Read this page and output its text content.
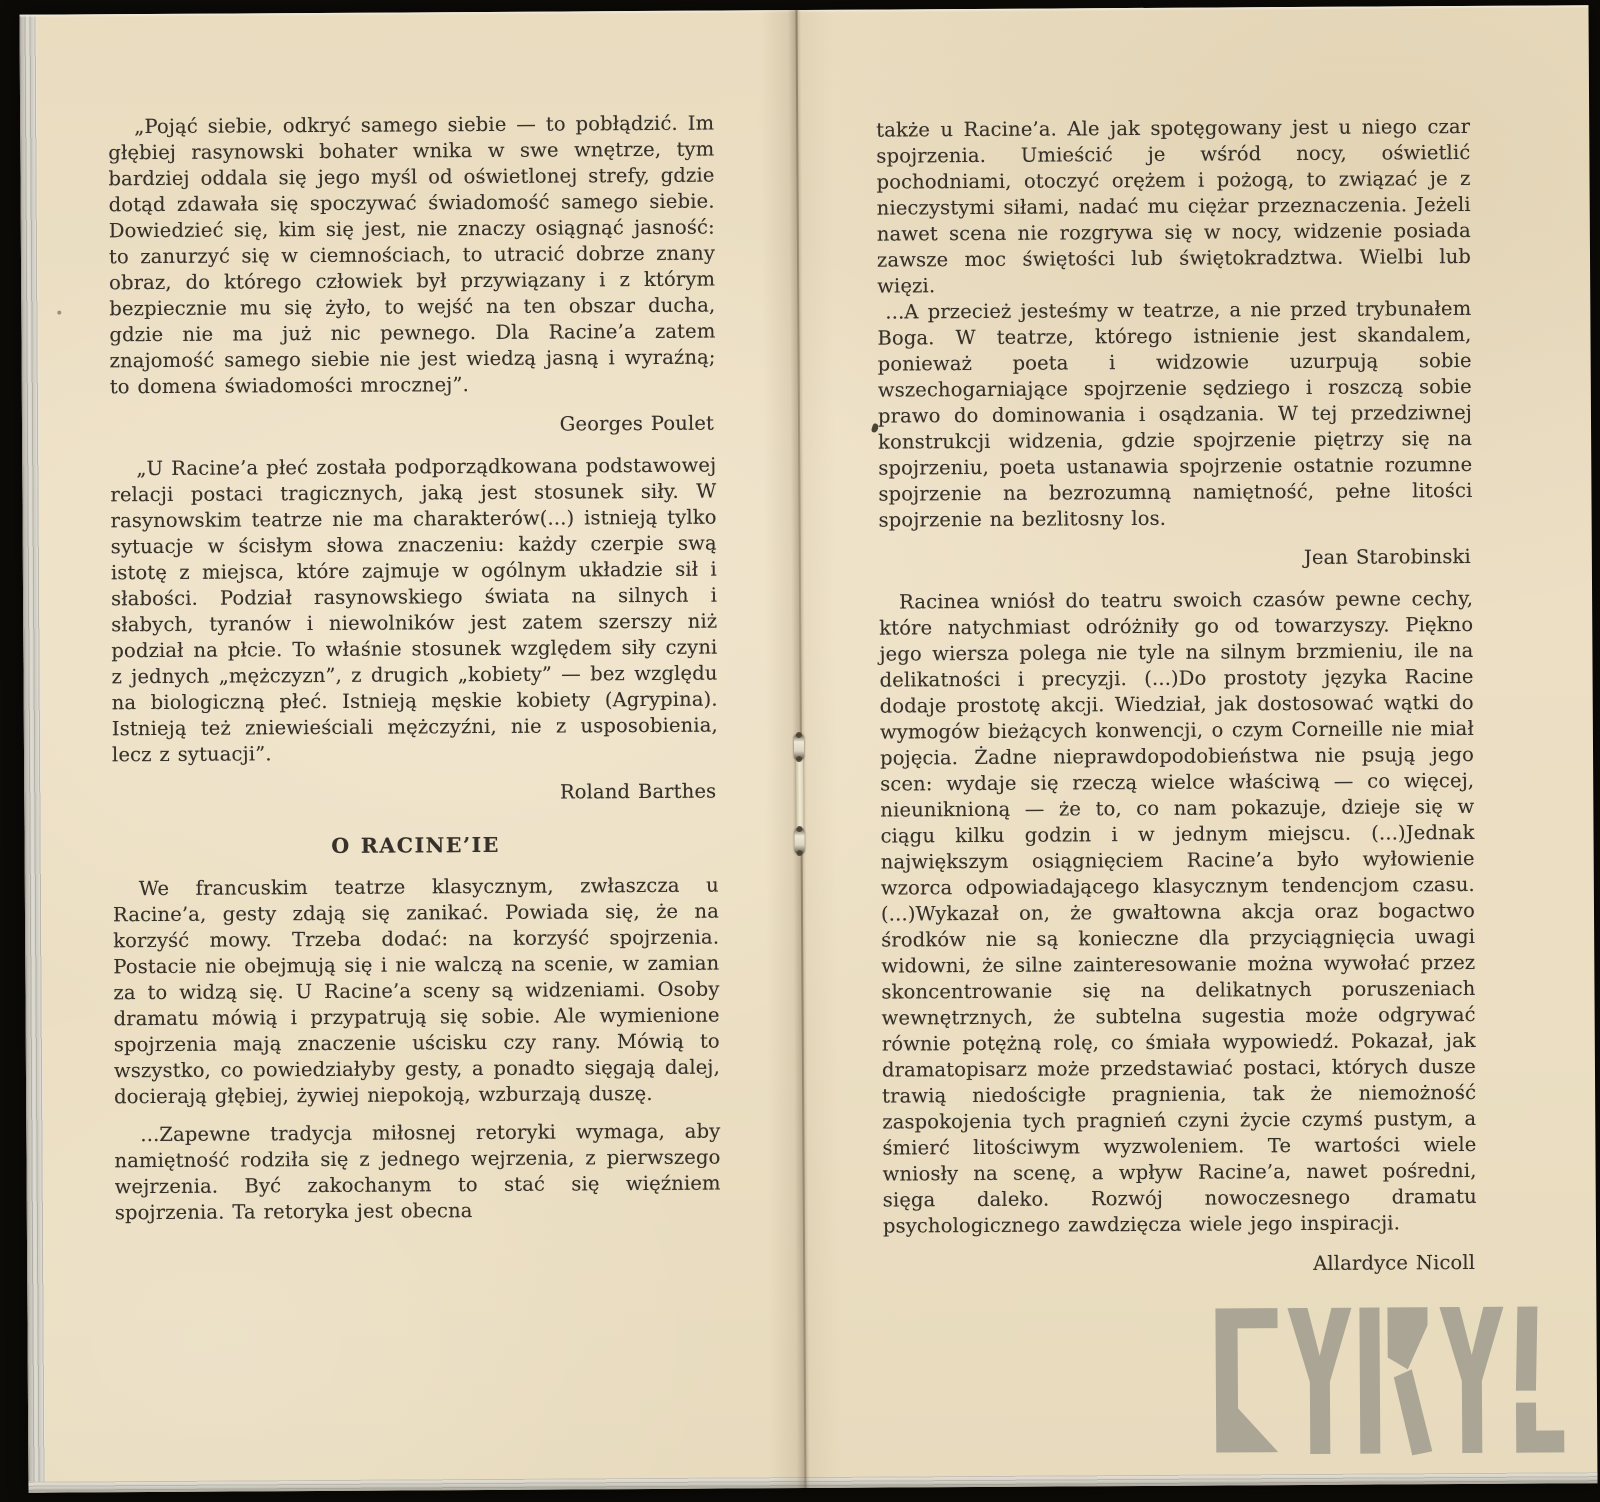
„Pojąć siebie, odkryć samego siebie — to pobłądzić. Im głębiej rasynowski bohater wnika w swe wnętrze, tym bardziej oddala się jego myśl od oświetlonej strefy, gdzie dotąd zdawała się spoczywać świadomość samego siebie. Dowiedzieć się, kim się jest, nie znaczy osiągnąć jasność: to zanurzyć się w ciemnościach, to utracić dobrze znany obraz, do którego człowiek był przywiązany i z którym bezpiecznie mu się żyło, to wejść na ten obszar ducha, gdzie nie ma już nic pewnego. Dla Racine’a zatem znajomość samego siebie nie jest wiedzą jasną i wyraźną; to domena świadomości mrocznej”.

Georges Poulet

„U Racine’a płeć została podporządkowana podstawowej relacji postaci tragicznych, jaką jest stosunek siły. W rasynowskim teatrze nie ma charakterów(...) istnieją tylko sytuacje w ścisłym słowa znaczeniu: każdy czerpie swą istotę z miejsca, które zajmuje w ogólnym układzie sił i słabości. Podział rasynowskiego świata na silnych i słabych, tyranów i niewolników jest zatem szerszy niż podział na płcie. To właśnie stosunek względem siły czyni z jednych „mężczyzn”, z drugich „kobiety” — bez względu na biologiczną płeć. Istnieją męskie kobiety (Agrypina). Istnieją też zniewieściali mężczyźni, nie z usposobienia, lecz z sytuacji”.

Roland Barthes

O RACINE’IE

We francuskim teatrze klasycznym, zwłaszcza u Racine’a, gesty zdają się zanikać. Powiada się, że na korzyść mowy. Trzeba dodać: na korzyść spojrzenia. Postacie nie obejmują się i nie walczą na scenie, w zamian za to widzą się. U Racine’a sceny są widzeniami. Osoby dramatu mówią i przypatrują się sobie. Ale wymienione spojrzenia mają znaczenie uścisku czy rany. Mówią to wszystko, co powiedziałyby gesty, a ponadto sięgają dalej, docierają głębiej, żywiej niepokoją, wzburzają duszę.

...Zapewne tradycja miłosnej retoryki wymaga, aby namiętność rodziła się z jednego wejrzenia, z pierwszego wejrzenia. Być zakochanym to stać się więźniem spojrzenia. Ta retoryka jest obecna

także u Racine’a. Ale jak spotęgowany jest u niego czar spojrzenia. Umieścić je wśród nocy, oświetlić pochodniami, otoczyć orężem i pożogą, to związać je z nieczystymi siłami, nadać mu ciężar przeznaczenia. Jeżeli nawet scena nie rozgrywa się w nocy, widzenie posiada zawsze moc świętości lub świętokradztwa. Wielbi lub więzi.

...A przecież jesteśmy w teatrze, a nie przed trybunałem Boga. W teatrze, którego istnienie jest skandalem, ponieważ poeta i widzowie uzurpują sobie wszechogarniające spojrzenie sędziego i roszczą sobie prawo do dominowania i osądzania. W tej przedziwnej konstrukcji widzenia, gdzie spojrzenie piętrzy się na spojrzeniu, poeta ustanawia spojrzenie ostatnie rozumne spojrzenie na bezrozumną namiętność, pełne litości spojrzenie na bezlitosny los.

Jean Starobinski

Racinea wniósł do teatru swoich czasów pewne cechy, które natychmiast odróżniły go od towarzyszy. Piękno jego wiersza polega nie tyle na silnym brzmieniu, ile na delikatności i precyzji. (...)Do prostoty języka Racine dodaje prostotę akcji. Wiedział, jak dostosować wątki do wymogów bieżących konwencji, o czym Corneille nie miał pojęcia. Żadne nieprawdopodobieństwa nie psują jego scen: wydaje się rzeczą wielce właściwą — co więcej, nieuniknioną — że to, co nam pokazuje, dzieje się w ciągu kilku godzin i w jednym miejscu. (...)Jednak największym osiągnięciem Racine’a było wyłowienie wzorca odpowiadającego klasycznym tendencjom czasu. (...)Wykazał on, że gwałtowna akcja oraz bogactwo środków nie są konieczne dla przyciągnięcia uwagi widowni, że silne zainteresowanie można wywołać przez skoncentrowanie się na delikatnych poruszeniach wewnętrznych, że subtelna sugestia może odgrywać równie potężną rolę, co śmiała wypowiedź. Pokazał, jak dramatopisarz może przedstawiać postaci, których dusze trawią niedościgłe pragnienia, tak że niemożność zaspokojenia tych pragnień czyni życie czymś pustym, a śmierć litościwym wyzwoleniem. Te wartości wiele wniosły na scenę, a wpływ Racine’a, nawet pośredni, sięga daleko. Rozwój nowoczesnego dramatu psychologicznego zawdzięcza wiele jego inspiracji.

Allardyce Nicoll
